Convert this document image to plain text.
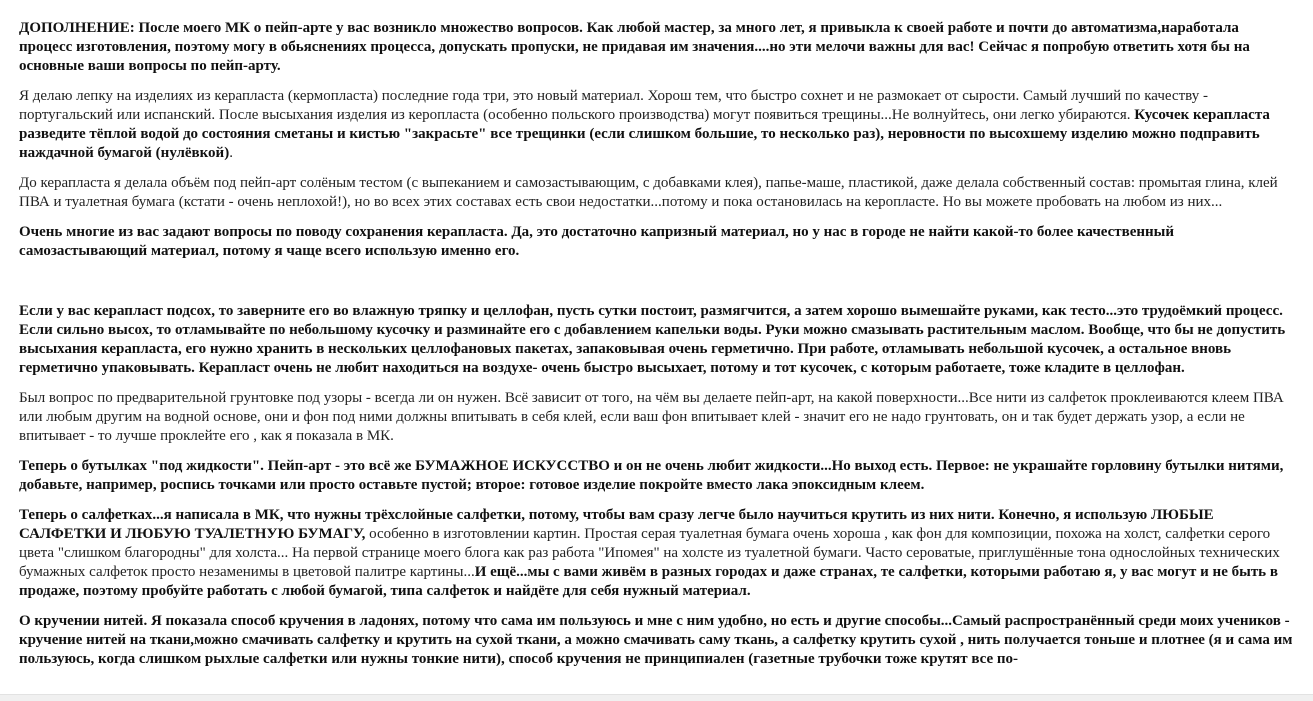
ДОПОЛНЕНИЕ: После моего МК о пейп-арте у вас возникло множество вопросов. Как любой мастер, за много лет, я привыкла к своей работе и почти до автоматизма,наработала процесс изготовления, поэтому могу в обьяснениях процесса, допускать пропуски, не придавая им значения....но эти мелочи важны для вас! Сейчас я попробую ответить хотя бы на основные ваши вопросы по пейп-арту.

Я делаю лепку на изделиях из керапласта (кермопласта) последние года три, это новый материал. Хорош тем, что быстро сохнет и не размокает от сырости. Самый лучший по качеству - португальский или испанский. После высыхания изделия из керопласта (особенно польского производства) могут появиться трещины...Не волнуйтесь, они легко убираются. Кусочек керапласта разведите тёплой водой до состояния сметаны и кистью "закрасьте" все трещинки (если слишком большие, то несколько раз), неровности по высохшему изделию можно подправить наждачной бумагой (нулёвкой).

До керапласта я делала объём под пейп-арт солёным тестом (с выпеканием и самозастывающим, с добавками клея), папье-маше, пластикой, даже делала собственный состав: промытая глина, клей ПВА и туалетная бумага (кстати - очень неплохой!), но во всех этих составах есть свои недостатки...потому и пока остановилась на керопласте. Но вы можете пробовать на любом из них...

Очень многие из вас задают вопросы по поводу сохранения керапласта. Да, это достаточно капризный материал, но у нас в городе не найти какой-то более качественный самозастывающий материал, потому я чаще всего использую именно его.

Если у вас керапласт подсох, то заверните его во влажную тряпку и целлофан, пусть сутки постоит, размягчится, а затем хорошо вымешайте руками, как тесто...это трудоёмкий процесс. Если сильно высох, то отламывайте по небольшому кусочку и разминайте его с добавлением капельки воды. Руки можно смазывать растительным маслом. Вообще, что бы не допустить высыхания керапласта, его нужно хранить в нескольких целлофановых пакетах, запаковывая очень герметично. При работе, отламывать небольшой кусочек, а остальное вновь герметично упаковывать. Керапласт очень не любит находиться на воздухе- очень быстро высыхает, потому и тот кусочек, с которым работаете, тоже кладите в целлофан.

Был вопрос по предварительной грунтовке под узоры - всегда ли он нужен. Всё зависит от того, на чём вы делаете пейп-арт, на какой поверхности...Все нити из салфеток проклеиваются клеем ПВА или любым другим на водной основе, они и фон под ними должны впитывать в себя клей, если ваш фон впитывает клей - значит его не надо грунтовать, он и так будет держать узор, а если не впитывает - то лучше проклейте его , как я показала в МК.

Теперь о бутылках "под жидкости". Пейп-арт - это всё же БУМАЖНОЕ ИСКУССТВО и он не очень любит жидкости...Но выход есть. Первое: не украшайте горловину бутылки нитями, добавьте, например, роспись точками или просто оставьте пустой; второе: готовое изделие покройте вместо лака эпоксидным клеем.

Теперь о салфетках...я написала в МК, что нужны трёхслойные салфетки, потому, чтобы вам сразу легче было научиться крутить из них нити. Конечно, я использую ЛЮБЫЕ САЛФЕТКИ И ЛЮБУЮ ТУАЛЕТНУЮ БУМАГУ, особенно в изготовлении картин. Простая серая туалетная бумага очень хороша , как фон для композиции, похожа на холст, салфетки серого цвета "слишком благородны" для холста... На первой странице моего блога как раз работа "Ипомея" на холсте из туалетной бумаги. Часто сероватые, приглушённые тона однослойных технических бумажных салфеток просто незаменимы в цветовой палитре картины...И ещё...мы с вами живём в разных городах и даже странах, те салфетки, которыми работаю я, у вас могут и не быть в продаже, поэтому пробуйте работать с любой бумагой, типа салфеток и найдёте для себя нужный материал.

О кручении нитей. Я показала способ кручения в ладонях, потому что сама им пользуюсь и мне с ним удобно, но есть и другие способы...Самый распространённый среди моих учеников - кручение нитей на ткани,можно смачивать салфетку и крутить на сухой ткани, а можно смачивать саму ткань, а салфетку крутить сухой , нить получается тоньше и плотнее (я и сама им пользуюсь, когда слишком рыхлые салфетки или нужны тонкие нити), способ кручения не принципиален (газетные трубочки тоже крутят все по-
